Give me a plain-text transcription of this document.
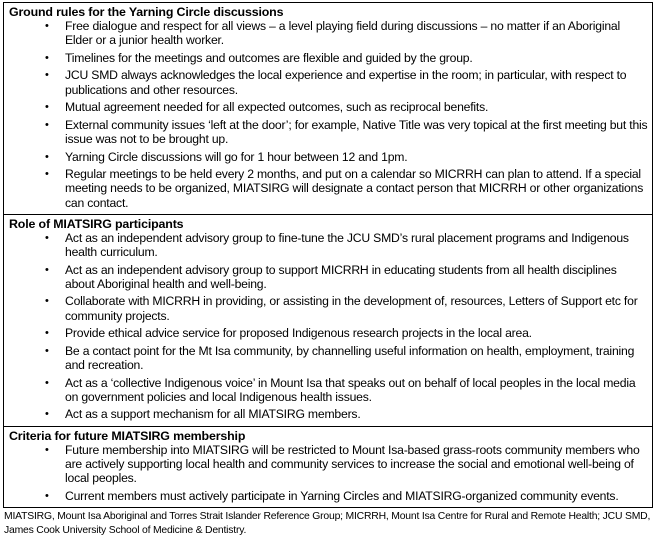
Ground rules for the Yarning Circle discussions
• Free dialogue and respect for all views – a level playing field during discussions – no matter if an Aboriginal Elder or a junior health worker.
• Timelines for the meetings and outcomes are flexible and guided by the group.
• JCU SMD always acknowledges the local experience and expertise in the room; in particular, with respect to publications and other resources.
• Mutual agreement needed for all expected outcomes, such as reciprocal benefits.
• External community issues ‘left at the door’; for example, Native Title was very topical at the first meeting but this issue was not to be brought up.
• Yarning Circle discussions will go for 1 hour between 12 and 1pm.
• Regular meetings to be held every 2 months, and put on a calendar so MICRRH can plan to attend. If a special meeting needs to be organized, MIATSIRG will designate a contact person that MICRRH or other organizations can contact.
Role of MIATSIRG participants
• Act as an independent advisory group to fine-tune the JCU SMD’s rural placement programs and Indigenous health curriculum.
• Act as an independent advisory group to support MICRRH in educating students from all health disciplines about Aboriginal health and well-being.
• Collaborate with MICRRH in providing, or assisting in the development of, resources, Letters of Support etc for community projects.
• Provide ethical advice service for proposed Indigenous research projects in the local area.
• Be a contact point for the Mt Isa community, by channelling useful information on health, employment, training and recreation.
• Act as a ‘collective Indigenous voice’ in Mount Isa that speaks out on behalf of local peoples in the local media on government policies and local Indigenous health issues.
• Act as a support mechanism for all MIATSIRG members.
Criteria for future MIATSIRG membership
• Future membership into MIATSIRG will be restricted to Mount Isa-based grass-roots community members who are actively supporting local health and community services to increase the social and emotional well-being of local peoples.
• Current members must actively participate in Yarning Circles and MIATSIRG-organized community events.
MIATSIRG, Mount Isa Aboriginal and Torres Strait Islander Reference Group; MICRRH, Mount Isa Centre for Rural and Remote Health; JCU SMD, James Cook University School of Medicine & Dentistry.
